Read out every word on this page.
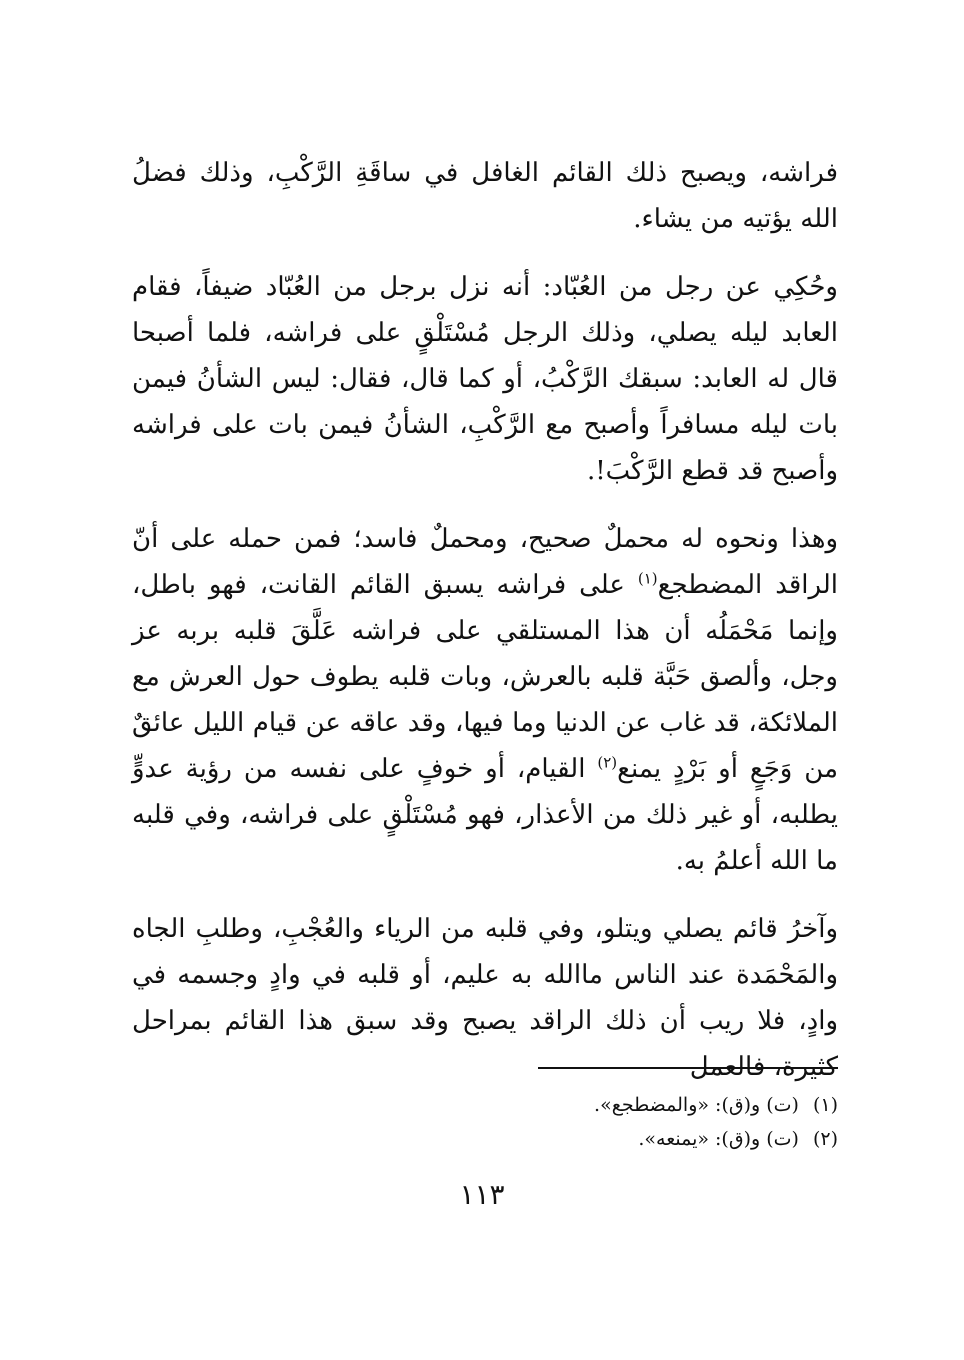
فراشه، ويصبح ذلك القائم الغافل في ساقَةِ الرَّكْبِ، وذلك فضلُ الله يؤتيه من يشاء.

وحُكِي عن رجل من العُبّاد: أنه نزل برجل من العُبّاد ضيفاً، فقام العابد ليله يصلي، وذلك الرجل مُسْتَلْقٍ على فراشه، فلما أصبحا قال له العابد: سبقك الرَّكْبُ، أو كما قال، فقال: ليس الشأنُ فيمن بات ليله مسافراً وأصبح مع الرَّكْبِ، الشأنُ فيمن بات على فراشه وأصبح قد قطع الرَّكْبَ!.

وهذا ونحوه له محملٌ صحيح، ومحملٌ فاسد؛ فمن حمله على أنّ الراقد المضطجع$^{(١)}$ على فراشه يسبق القائم القانت، فهو باطل، وإنما مَحْمَلُه أن هذا المستلقي على فراشه عَلَّقَ قلبه بربه عز وجل، وألصق حَبَّة قلبه بالعرش، وبات قلبه يطوف حول العرش مع الملائكة، قد غاب عن الدنيا وما فيها، وقد عاقه عن قيام الليل عائقٌ من وَجَعٍ أو بَرْدٍ يمنع$^{(٢)}$ القيام، أو خوفٍ على نفسه من رؤية عدوٍّ يطلبه، أو غير ذلك من الأعذار، فهو مُسْتَلْقٍ على فراشه، وفي قلبه ما الله أعلمُ به.

وآخرُ قائم يصلي ويتلو، وفي قلبه من الرياء والعُجْبِ، وطلبِ الجاه والمَحْمَدة عند الناس ماالله به عليم، أو قلبه في وادٍ وجسمه في وادٍ، فلا ريب أن ذلك الراقد يصبح وقد سبق هذا القائم بمراحل كثيرة، فالعمل

(١)(ت) و(ق): «والمضطجع».
(٢)(ت) و(ق): «يمنعه».
١١٣
